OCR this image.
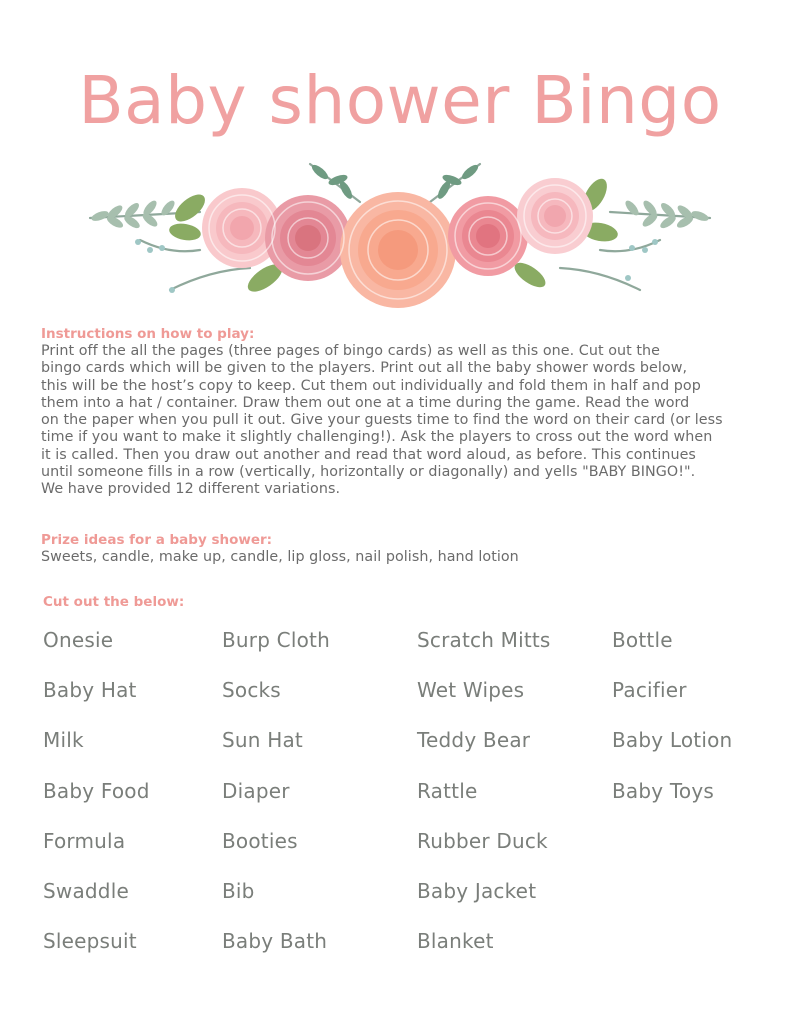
Baby shower Bingo

Instructions on how to play:

Print off the all the pages (three pages of bingo cards) as well as this one. Cut out the
bingo cards which will be given to the players. Print out all the baby shower words below,
this will be the host’s copy to keep. Cut them out individually and fold them in half and pop
them into a hat / container. Draw them out one at a time during the game. Read the word
on the paper when you pull it out. Give your guests time to find the word on their card (or less
time if you want to make it slightly challenging!). Ask the players to cross out the word when
it is called. Then you draw out another and read that word aloud, as before. This continues
until someone fills in a row (vertically, horizontally or diagonally) and yells "BABY BINGO!".
We have provided 12 different variations.

Prize ideas for a baby shower:

Sweets, candle, make up, candle, lip gloss, nail polish, hand lotion

Cut out the below:
Onesie
Baby Hat
Milk
Baby Food
Formula
Swaddle
Sleepsuit
Burp Cloth
Socks
Sun Hat
Diaper
Booties
Bib
Baby Bath
Scratch Mitts
Wet Wipes
Teddy Bear
Rattle
Rubber Duck
Baby Jacket
Blanket
Bottle
Pacifier
Baby Lotion
Baby Toys
